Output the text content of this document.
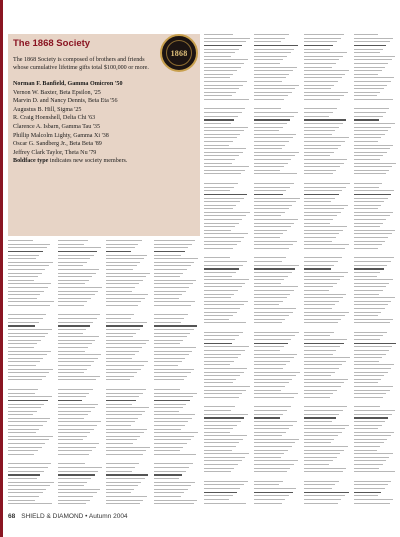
The 1868 Society
1868

The 1868 Society is composed of brothers and friends whose cumulative lifetime gifts total $100,000 or more.

Norman F. Banfield, Gamma Omicron '50
Vernon W. Baxter, Beta Epsilon, '25
Marvin D. and Nancy Dennis, Beta Eta '56
Augustus B. Hill, Sigma '25
R. Craig Hoenshell, Delta Chi '63
Clarence A. Isbarn, Gamma Tau '35
Phillip Malcolm Lighty, Gamma Xi '38
Oscar G. Sandberg Jr., Beta Beta '89
Jeffrey Clark Taylor, Theta Nu '79
Boldface type indicates new society members.
68 SHIELD & DIAMOND • Autumn 2004
